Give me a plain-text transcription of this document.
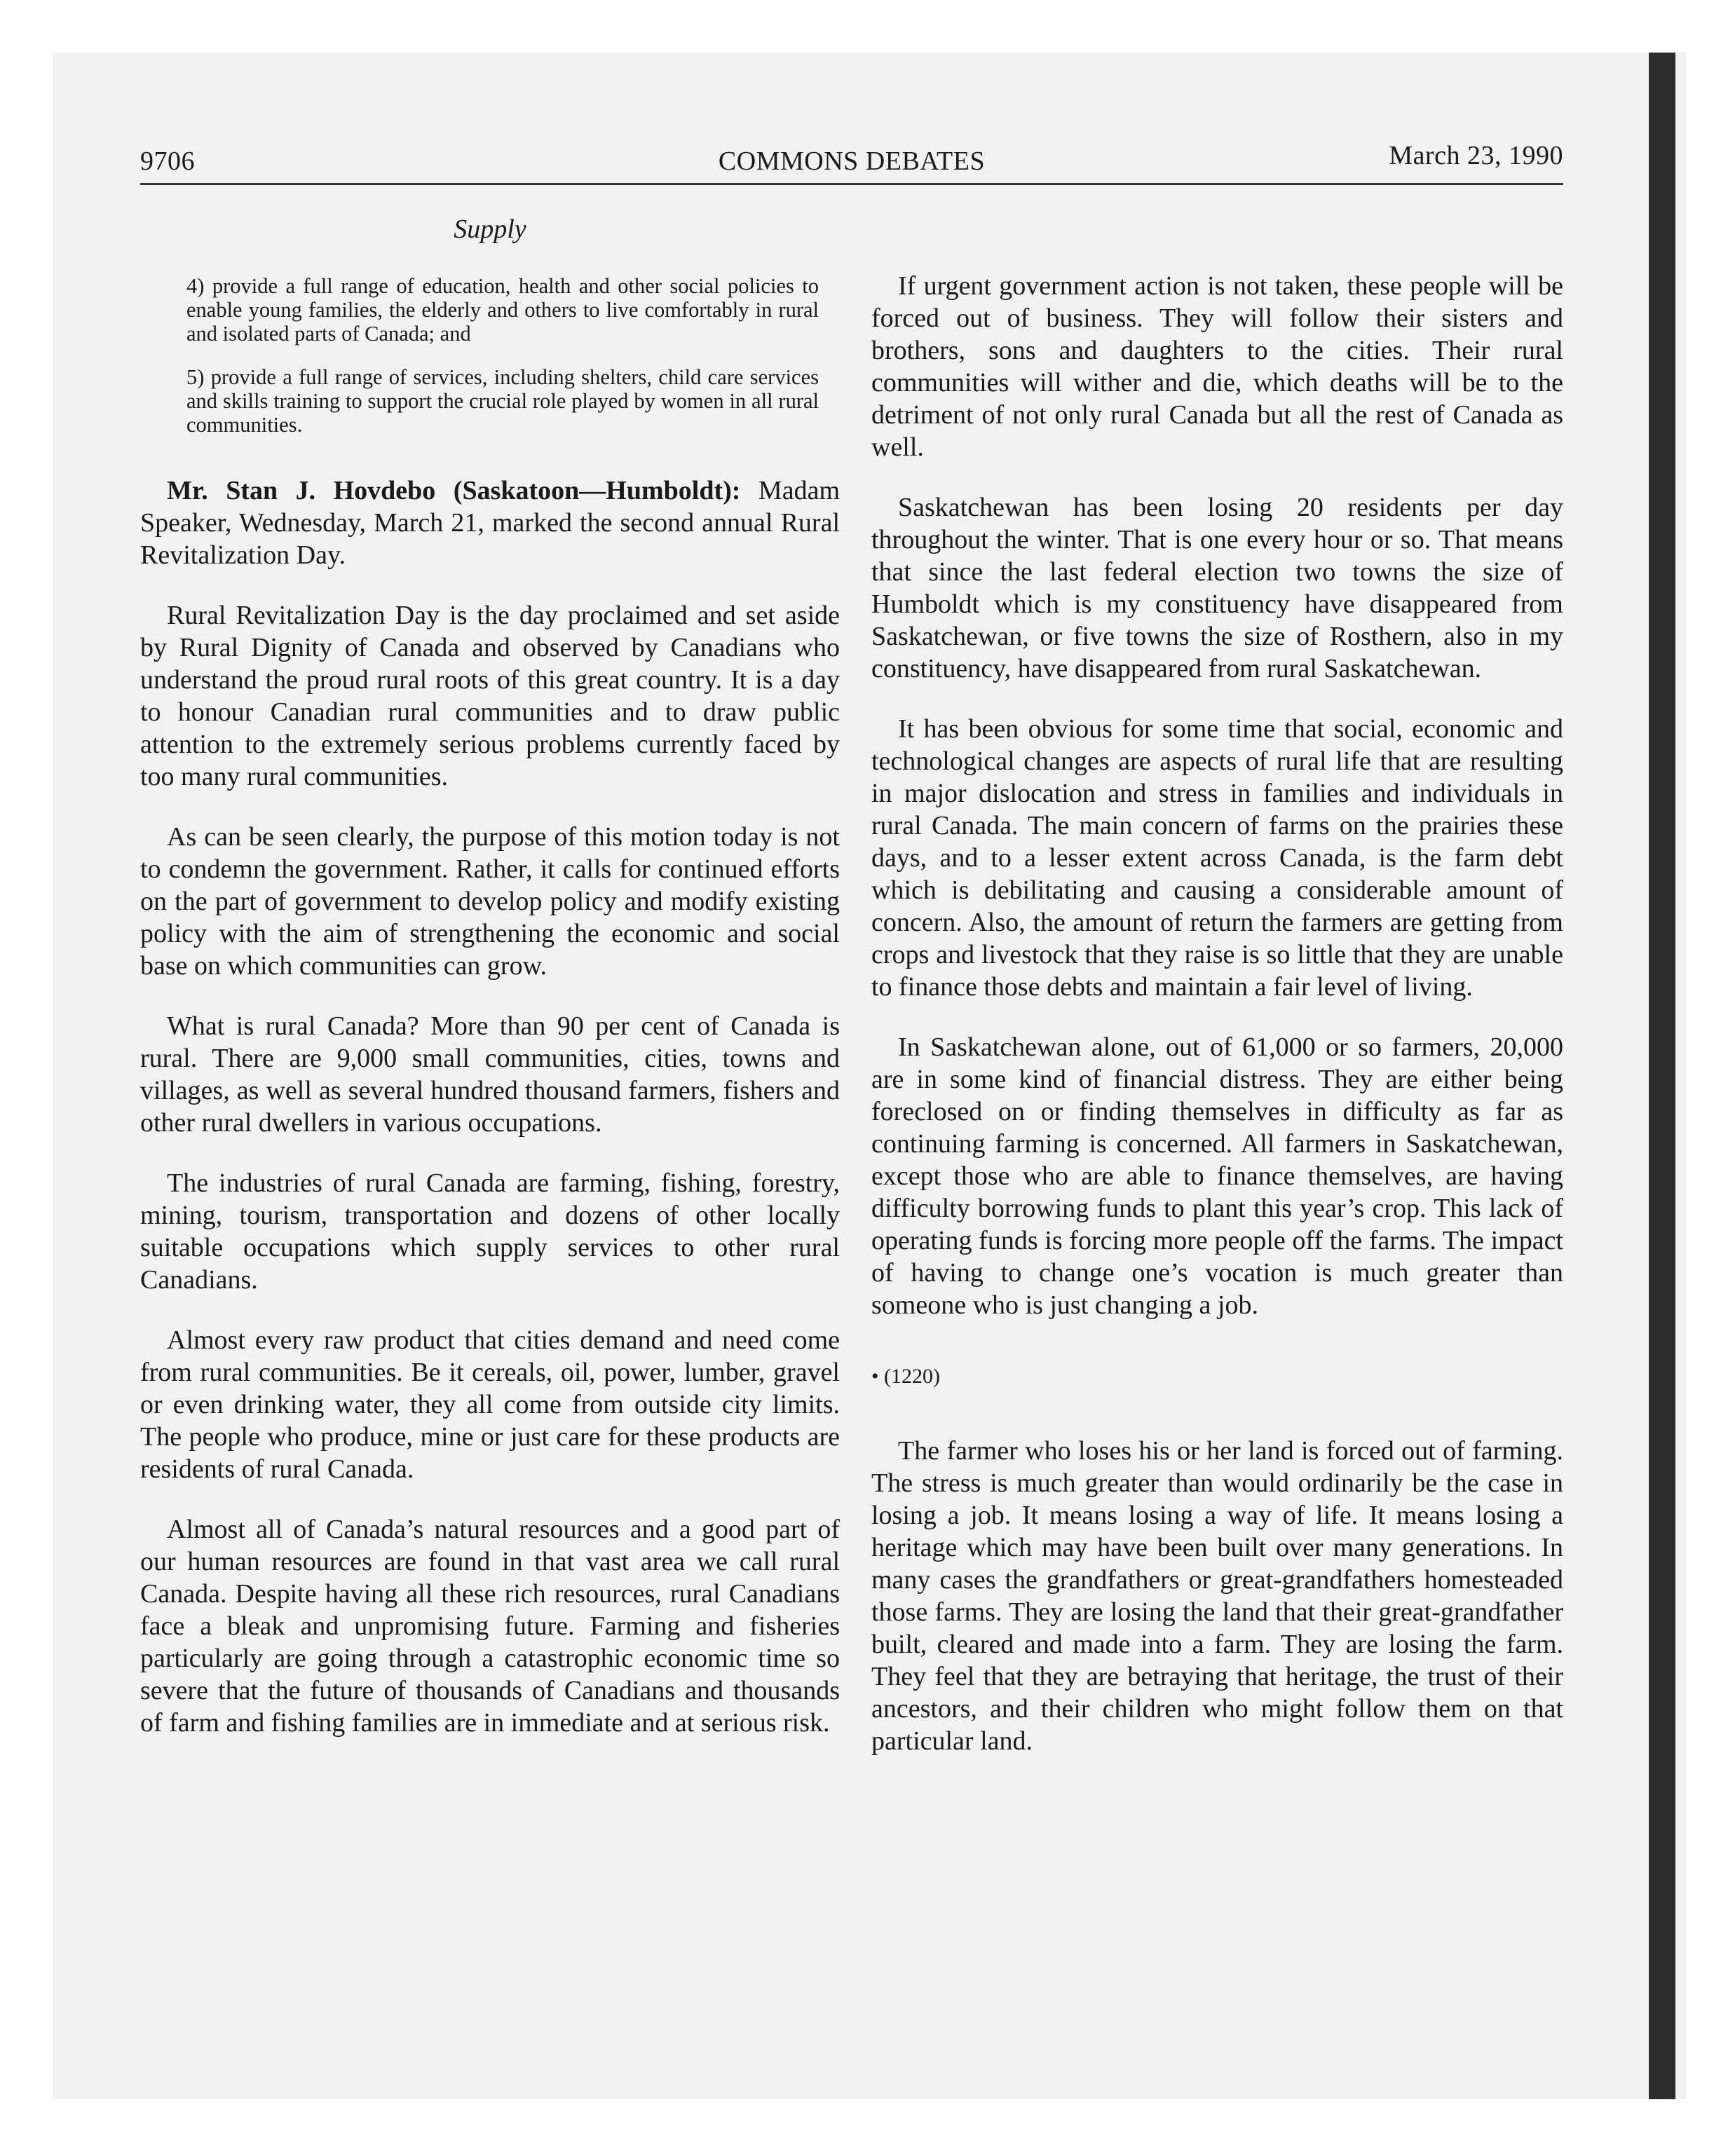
9706	COMMONS DEBATES	March 23, 1990
Supply

4) provide a full range of education, health and other social policies to enable young families, the elderly and others to live comfortably in rural and isolated parts of Canada; and

5) provide a full range of services, including shelters, child care services and skills training to support the crucial role played by women in all rural communities.

Mr. Stan J. Hovdebo (Saskatoon—Humboldt): Madam Speaker, Wednesday, March 21, marked the second annual Rural Revitalization Day.

Rural Revitalization Day is the day proclaimed and set aside by Rural Dignity of Canada and observed by Canadians who understand the proud rural roots of this great country. It is a day to honour Canadian rural communities and to draw public attention to the extremely serious problems currently faced by too many rural communities.

As can be seen clearly, the purpose of this motion today is not to condemn the government. Rather, it calls for continued efforts on the part of government to develop policy and modify existing policy with the aim of strengthening the economic and social base on which communities can grow.

What is rural Canada? More than 90 per cent of Canada is rural. There are 9,000 small communities, cities, towns and villages, as well as several hundred thousand farmers, fishers and other rural dwellers in various occupations.

The industries of rural Canada are farming, fishing, forestry, mining, tourism, transportation and dozens of other locally suitable occupations which supply services to other rural Canadians.

Almost every raw product that cities demand and need come from rural communities. Be it cereals, oil, power, lumber, gravel or even drinking water, they all come from outside city limits. The people who produce, mine or just care for these products are residents of rural Canada.

Almost all of Canada’s natural resources and a good part of our human resources are found in that vast area we call rural Canada. Despite having all these rich resources, rural Canadians face a bleak and unpromising future. Farming and fisheries particularly are going through a catastrophic economic time so severe that the future of thousands of Canadians and thousands of farm and fishing families are in immediate and at serious risk.

If urgent government action is not taken, these people will be forced out of business. They will follow their sisters and brothers, sons and daughters to the cities. Their rural communities will wither and die, which deaths will be to the detriment of not only rural Canada but all the rest of Canada as well.

Saskatchewan has been losing 20 residents per day throughout the winter. That is one every hour or so. That means that since the last federal election two towns the size of Humboldt which is my constituency have disappeared from Saskatchewan, or five towns the size of Rosthern, also in my constituency, have disappeared from rural Saskatchewan.

It has been obvious for some time that social, economic and technological changes are aspects of rural life that are resulting in major dislocation and stress in families and individuals in rural Canada. The main concern of farms on the prairies these days, and to a lesser extent across Canada, is the farm debt which is debilitating and causing a considerable amount of concern. Also, the amount of return the farmers are getting from crops and livestock that they raise is so little that they are unable to finance those debts and maintain a fair level of living.

In Saskatchewan alone, out of 61,000 or so farmers, 20,000 are in some kind of financial distress. They are either being foreclosed on or finding themselves in difficulty as far as continuing farming is concerned. All farmers in Saskatchewan, except those who are able to finance themselves, are having difficulty borrowing funds to plant this year’s crop. This lack of operating funds is forcing more people off the farms. The impact of having to change one’s vocation is much greater than someone who is just changing a job.

• (1220)

The farmer who loses his or her land is forced out of farming. The stress is much greater than would ordinarily be the case in losing a job. It means losing a way of life. It means losing a heritage which may have been built over many generations. In many cases the grandfathers or great-grandfathers homesteaded those farms. They are losing the land that their great-grandfather built, cleared and made into a farm. They are losing the farm. They feel that they are betraying that heritage, the trust of their ancestors, and their children who might follow them on that particular land.
